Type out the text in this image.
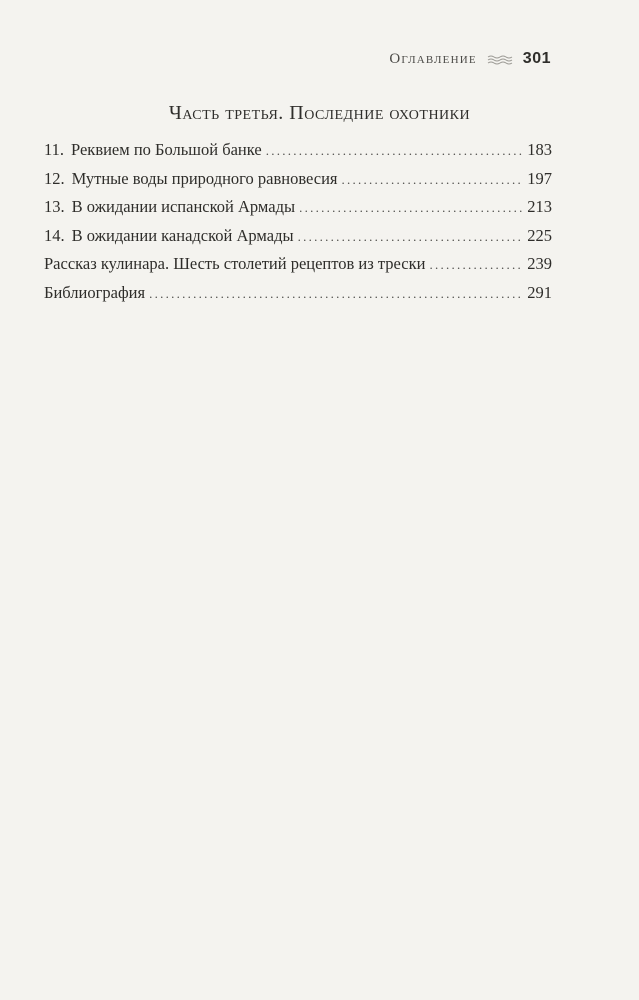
Оглавление	301
Часть третья. Последние охотники
11. Реквием по Большой банке . . .	183
12. Мутные воды природного равновесия . . .	197
13. В ожидании испанской Армады . . .	213
14. В ожидании канадской Армады . . .	225
Рассказ кулинара. Шесть столетий рецептов из трески . . .	239
Библиография . . .	291
